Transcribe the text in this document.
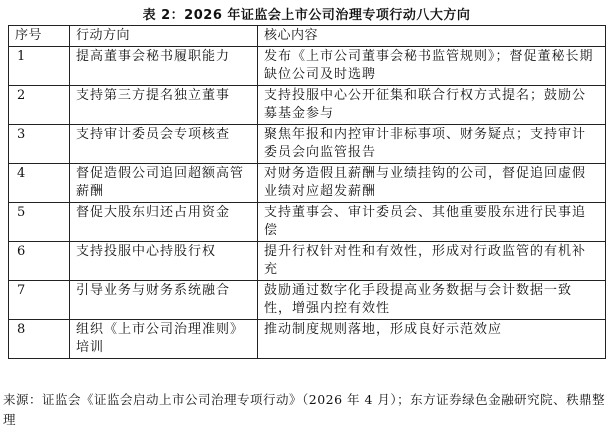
表 2：2026 年证监会上市公司治理专项行动八大方向
序号	行动方向	核心内容
1	提高董事会秘书履职能力	发布《上市公司董事会秘书监管规则》；督促董秘长期缺位公司及时选聘
2	支持第三方提名独立董事	支持投服中心公开征集和联合行权方式提名；鼓励公募基金参与
3	支持审计委员会专项核查	聚焦年报和内控审计非标事项、财务疑点；支持审计委员会向监管报告
4	督促造假公司追回超额高管薪酬	对财务造假且薪酬与业绩挂钩的公司，督促追回虚假业绩对应超发薪酬
5	督促大股东归还占用资金	支持董事会、审计委员会、其他重要股东进行民事追偿
6	支持投服中心持股行权	提升行权针对性和有效性，形成对行政监管的有机补充
7	引导业务与财务系统融合	鼓励通过数字化手段提高业务数据与会计数据一致性，增强内控有效性
8	组织《上市公司治理准则》培训	推动制度规则落地，形成良好示范效应
来源：证监会《证监会启动上市公司治理专项行动》（2026 年 4 月）；东方证券绿色金融研究院、秩鼎整理
